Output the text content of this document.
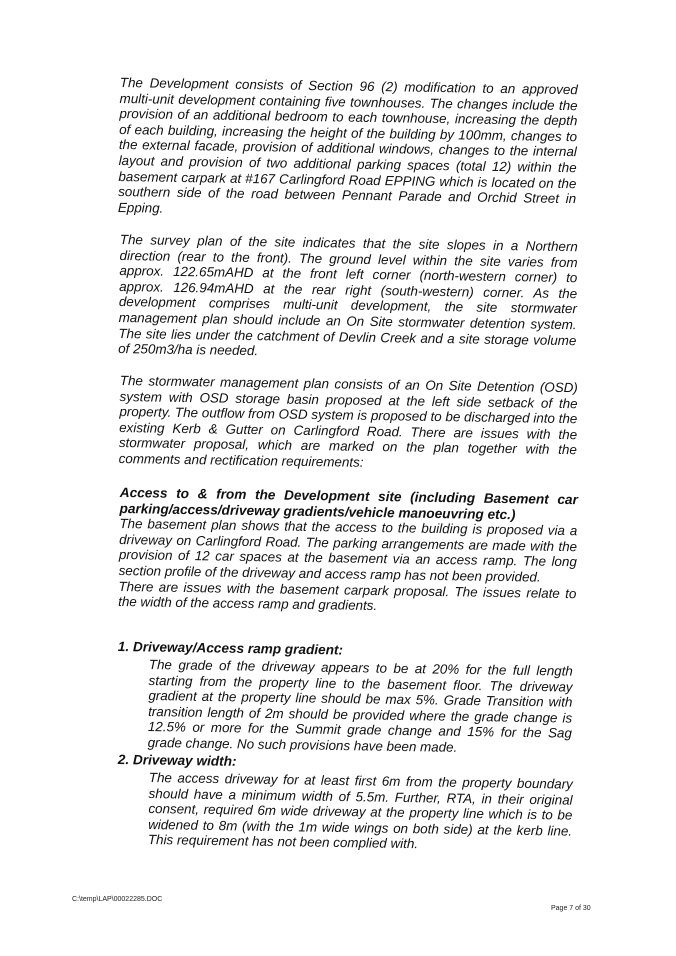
The Development consists of Section 96 (2) modification to an approved multi-unit development containing five townhouses. The changes include the provision of an additional bedroom to each townhouse, increasing the depth of each building, increasing the height of the building by 100mm, changes to the external facade, provision of additional windows, changes to the internal layout and provision of two additional parking spaces (total 12) within the basement carpark at #167 Carlingford Road EPPING which is located on the southern side of the road between Pennant Parade and Orchid Street in Epping.

The survey plan of the site indicates that the site slopes in a Northern direction (rear to the front). The ground level within the site varies from approx. 122.65mAHD at the front left corner (north-western corner) to approx. 126.94mAHD at the rear right (south-western) corner. As the development comprises multi-unit development, the site stormwater management plan should include an On Site stormwater detention system. The site lies under the catchment of Devlin Creek and a site storage volume of 250m3/ha is needed.

The stormwater management plan consists of an On Site Detention (OSD) system with OSD storage basin proposed at the left side setback of the property. The outflow from OSD system is proposed to be discharged into the existing Kerb & Gutter on Carlingford Road. There are issues with the stormwater proposal, which are marked on the plan together with the comments and rectification requirements:

Access to & from the Development site (including Basement car parking/access/driveway gradients/vehicle manoeuvring etc.)
The basement plan shows that the access to the building is proposed via a driveway on Carlingford Road. The parking arrangements are made with the provision of 12 car spaces at the basement via an access ramp. The long section profile of the driveway and access ramp has not been provided.
There are issues with the basement carpark proposal. The issues relate to the width of the access ramp and gradients.
1. Driveway/Access ramp gradient:

The grade of the driveway appears to be at 20% for the full length starting from the property line to the basement floor. The driveway gradient at the property line should be max 5%. Grade Transition with transition length of 2m should be provided where the grade change is 12.5% or more for the Summit grade change and 15% for the Sag grade change. No such provisions have been made.

2. Driveway width:

The access driveway for at least first 6m from the property boundary should have a minimum width of 5.5m. Further, RTA, in their original consent, required 6m wide driveway at the property line which is to be widened to 8m (with the 1m wide wings on both side) at the kerb line. This requirement has not been complied with.

C:\temp\LAP\00022285.DOC
Page 7 of 30
